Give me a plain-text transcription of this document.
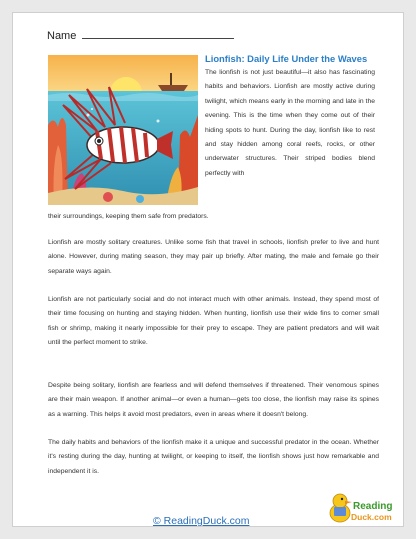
Name
Lionfish: Daily Life Under the Waves

The lionfish is not just beautiful—it also has fascinating habits and behaviors. Lionfish are mostly active during twilight, which means early in the morning and late in the evening. This is the time when they come out of their hiding spots to hunt. During the day, lionfish like to rest and stay hidden among coral reefs, rocks, or other underwater structures. Their striped bodies blend perfectly with

their surroundings, keeping them safe from predators.

Lionfish are mostly solitary creatures. Unlike some fish that travel in schools, lionfish prefer to live and hunt alone. However, during mating season, they may pair up briefly. After mating, the male and female go their separate ways again.

Lionfish are not particularly social and do not interact much with other animals. Instead, they spend most of their time focusing on hunting and staying hidden. When hunting, lionfish use their wide fins to corner small fish or shrimp, making it nearly impossible for their prey to escape. They are patient predators and will wait until the perfect moment to strike.

Despite being solitary, lionfish are fearless and will defend themselves if threatened. Their venomous spines are their main weapon. If another animal—or even a human—gets too close, the lionfish may raise its spines as a warning. This helps it avoid most predators, even in areas where it doesn't belong.

The daily habits and behaviors of the lionfish make it a unique and successful predator in the ocean. Whether it's resting during the day, hunting at twilight, or keeping to itself, the lionfish shows just how remarkable and independent it is.

© ReadingDuck.com
Reading
Duck.com
